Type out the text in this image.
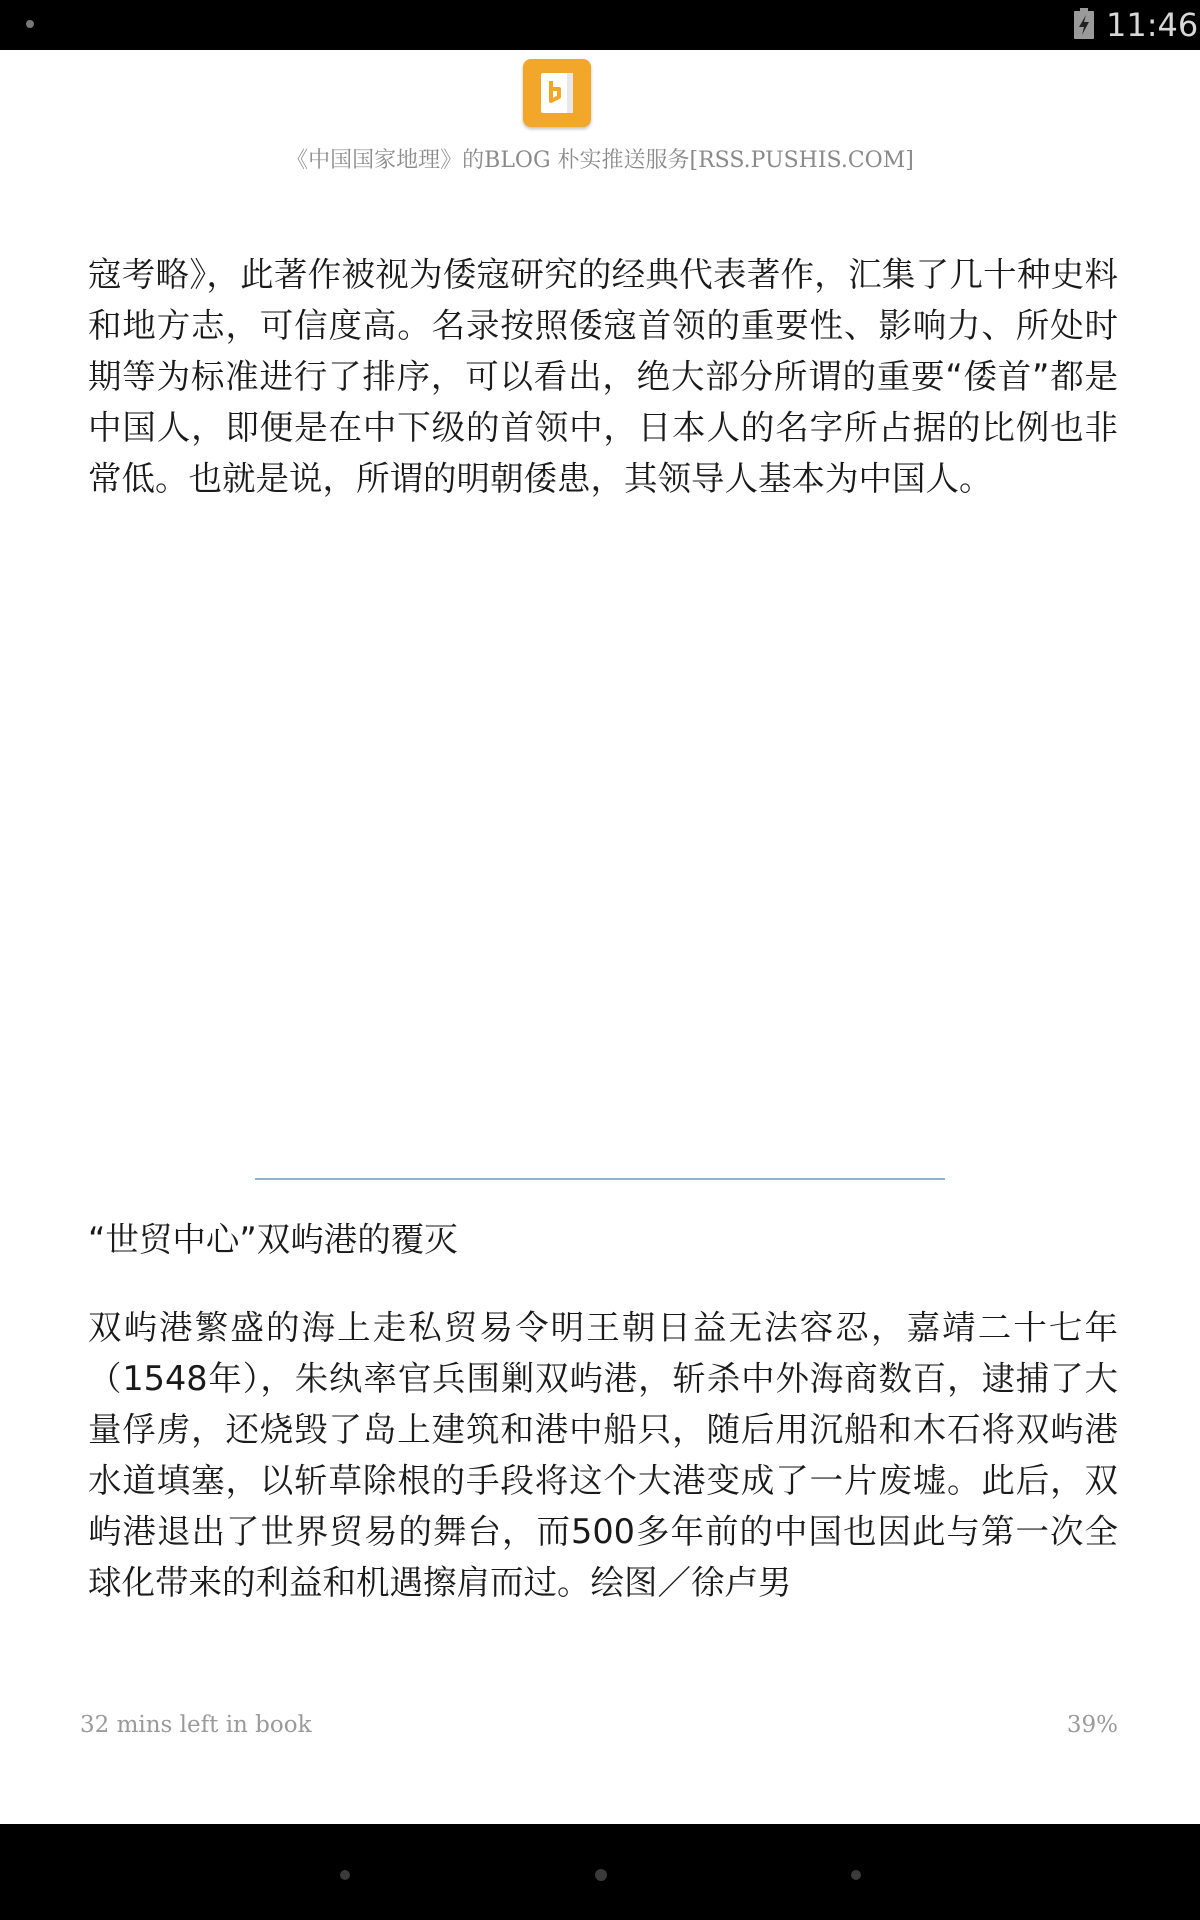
11:46
《中国国家地理》的BLOG 朴实推送服务[RSS.PUSHIS.COM]

寇考略》，此著作被视为倭寇研究的经典代表著作，汇集了几十种史料和地方志，可信度高。名录按照倭寇首领的重要性、影响力、所处时期等为标准进行了排序，可以看出，绝大部分所谓的重要“倭首”都是中国人，即便是在中下级的首领中，日本人的名字所占据的比例也非常低。也就是说，所谓的明朝倭患，其领导人基本为中国人。

“世贸中心”双屿港的覆灭

双屿港繁盛的海上走私贸易令明王朝日益无法容忍，嘉靖二十七年（1548年），朱纨率官兵围剿双屿港，斩杀中外海商数百，逮捕了大量俘虏，还烧毁了岛上建筑和港中船只，随后用沉船和木石将双屿港水道填塞，以斩草除根的手段将这个大港变成了一片废墟。此后，双屿港退出了世界贸易的舞台，而500多年前的中国也因此与第一次全球化带来的利益和机遇擦肩而过。绘图／徐卢男

32 mins left in book	39%
